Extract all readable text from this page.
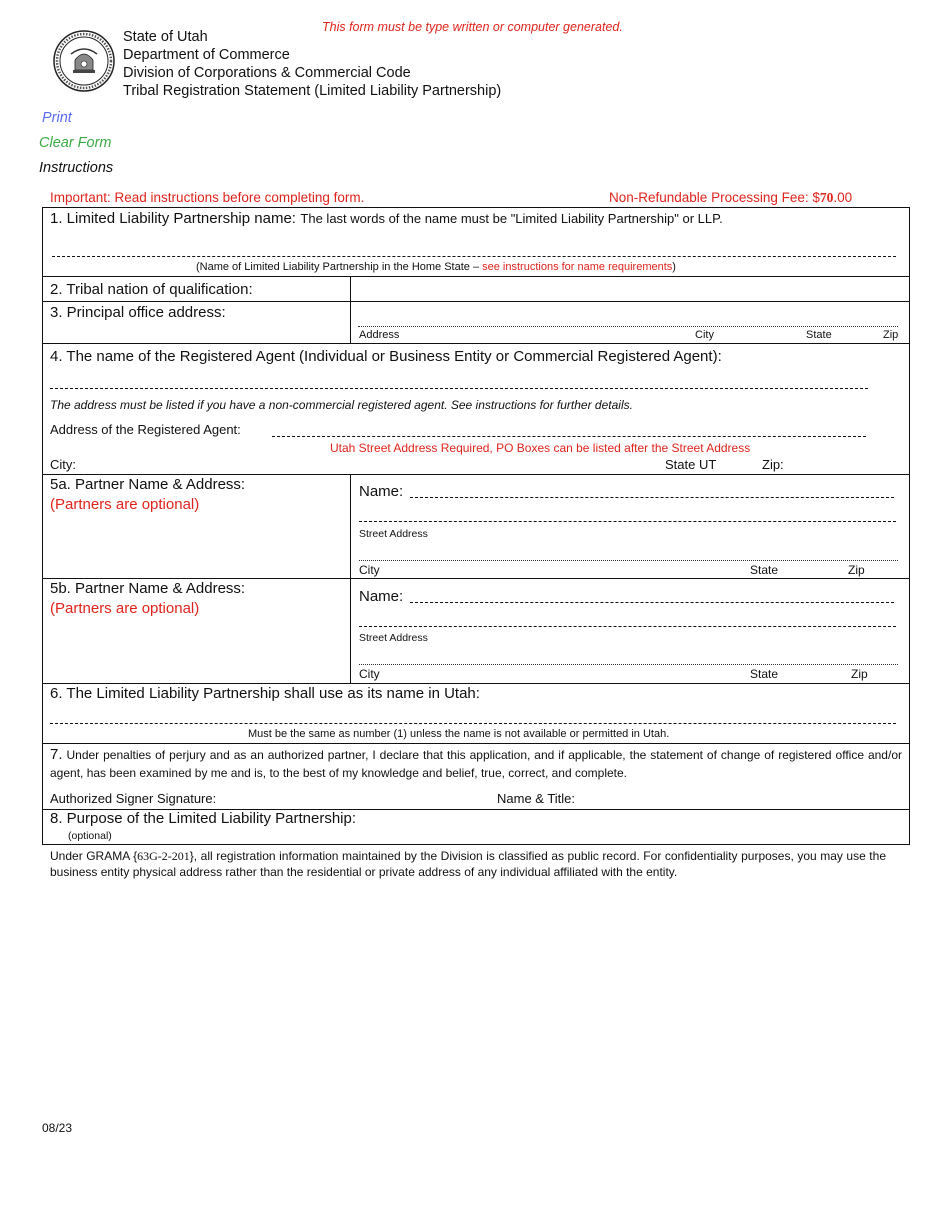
State of Utah
Department of Commerce
Division of Corporations & Commercial Code
Tribal Registration Statement (Limited Liability Partnership)
This form must be type written or computer generated.
Print
Clear Form
Instructions
Important: Read instructions before completing form.	Non-Refundable Processing Fee: $70.00
1. Limited Liability Partnership name: The last words of the name must be "Limited Liability Partnership" or LLP.
(Name of Limited Liability Partnership in the Home State – see instructions for name requirements)
2. Tribal nation of qualification:
3. Principal office address:
Address	City	State	Zip
4. The name of the Registered Agent (Individual or Business Entity or Commercial Registered Agent):
The address must be listed if you have a non-commercial registered agent. See instructions for further details.
Address of the Registered Agent:
Utah Street Address Required, PO Boxes can be listed after the Street Address
City:	State UT	Zip:
5a. Partner Name & Address:
(Partners are optional)
Name:
Street Address
City	State	Zip
5b. Partner Name & Address:
(Partners are optional)
Name:
Street Address
City	State	Zip
6. The Limited Liability Partnership shall use as its name in Utah:
Must be the same as number (1) unless the name is not available or permitted in Utah.
7. Under penalties of perjury and as an authorized partner, I declare that this application, and if applicable, the statement of change of registered office and/or agent, has been examined by me and is, to the best of my knowledge and belief, true, correct, and complete.
Authorized Signer Signature:	Name & Title:
8. Purpose of the Limited Liability Partnership:
(optional)
Under GRAMA {63G-2-201}, all registration information maintained by the Division is classified as public record. For confidentiality purposes, you may use the business entity physical address rather than the residential or private address of any individual affiliated with the entity.
08/23
